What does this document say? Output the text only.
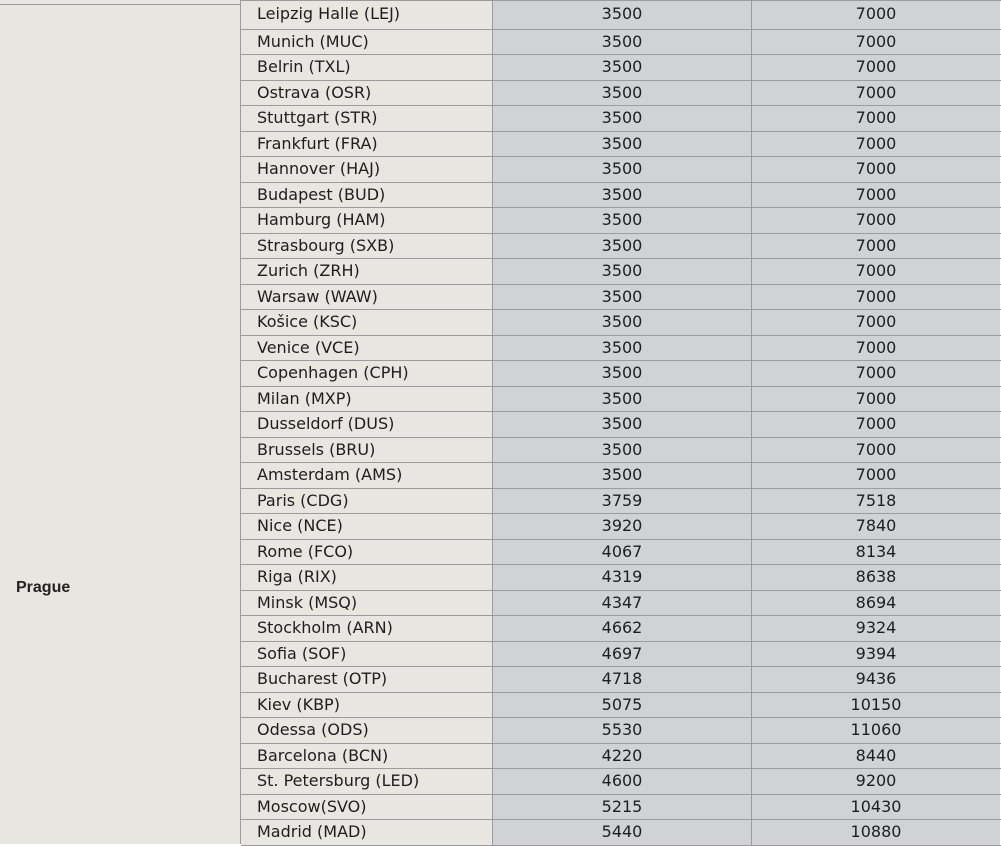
Prague
Leipzig Halle (LEJ)	3500	7000
Munich (MUC)	3500	7000
Belrin (TXL)	3500	7000
Ostrava (OSR)	3500	7000
Stuttgart (STR)	3500	7000
Frankfurt (FRA)	3500	7000
Hannover (HAJ)	3500	7000
Budapest (BUD)	3500	7000
Hamburg (HAM)	3500	7000
Strasbourg (SXB)	3500	7000
Zurich (ZRH)	3500	7000
Warsaw (WAW)	3500	7000
Košice (KSC)	3500	7000
Venice (VCE)	3500	7000
Copenhagen (CPH)	3500	7000
Milan (MXP)	3500	7000
Dusseldorf (DUS)	3500	7000
Brussels (BRU)	3500	7000
Amsterdam (AMS)	3500	7000
Paris (CDG)	3759	7518
Nice (NCE)	3920	7840
Rome (FCO)	4067	8134
Riga (RIX)	4319	8638
Minsk (MSQ)	4347	8694
Stockholm (ARN)	4662	9324
Sofia (SOF)	4697	9394
Bucharest (OTP)	4718	9436
Kiev (KBP)	5075	10150
Odessa (ODS)	5530	11060
Barcelona (BCN)	4220	8440
St. Petersburg (LED)	4600	9200
Moscow(SVO)	5215	10430
Madrid (MAD)	5440	10880
